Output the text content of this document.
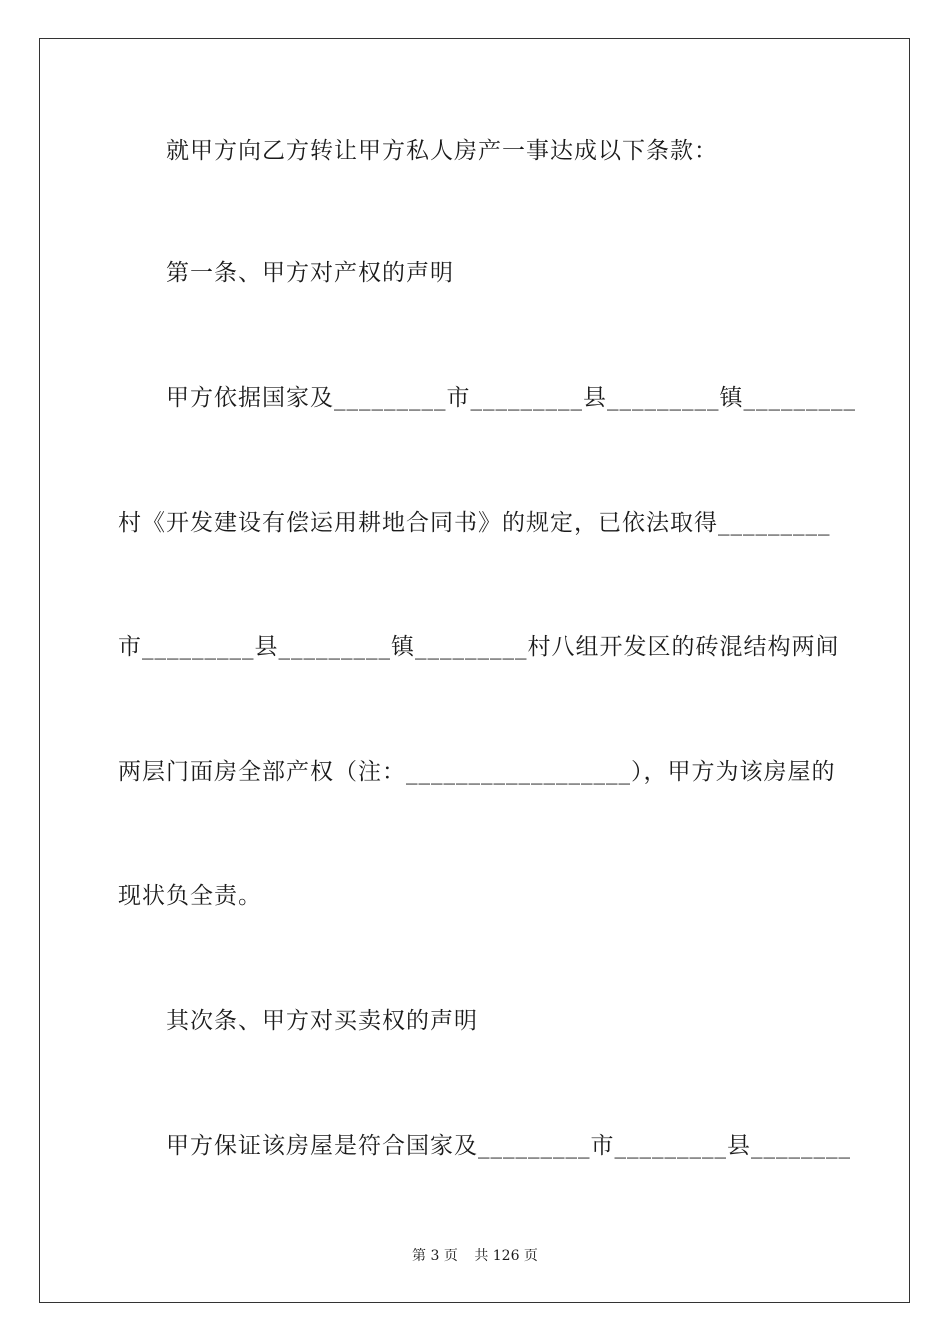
就甲方向乙方转让甲方私人房产一事达成以下条款：
第一条、甲方对产权的声明
甲方依据国家及_________市_________县_________镇_________
村《开发建设有偿运用耕地合同书》的规定，已依法取得_________
市_________县_________镇_________村八组开发区的砖混结构两间
两层门面房全部产权（注：__________________），甲方为该房屋的
现状负全责。
其次条、甲方对买卖权的声明
甲方保证该房屋是符合国家及_________市_________县________
第 3 页 共 126 页
